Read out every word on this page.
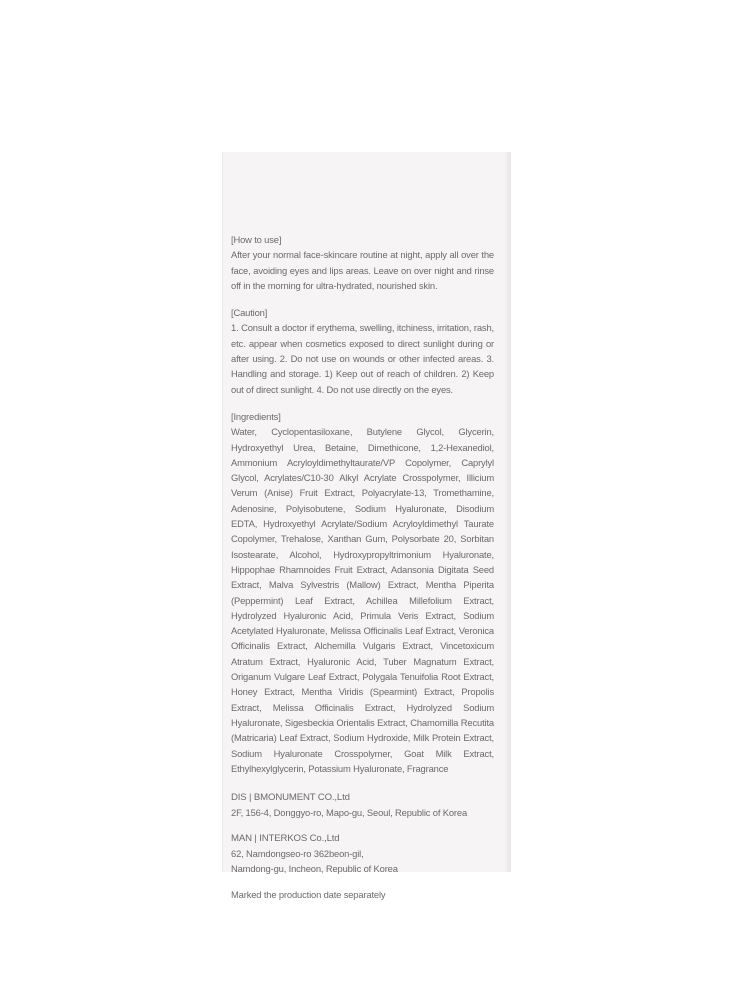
[How to use]

After your normal face-skincare routine at night, apply all over the face, avoiding eyes and lips areas. Leave on over night and rinse off in the morning for ultra-hydrated, nourished skin.

[Caution]

1. Consult a doctor if erythema, swelling, itchiness, irritation, rash, etc. appear when cosmetics exposed to direct sunlight during or after using. 2. Do not use on wounds or other infected areas. 3. Handling and storage. 1) Keep out of reach of children. 2) Keep out of direct sunlight. 4. Do not use directly on the eyes.

[Ingredients]

Water, Cyclopentasiloxane, Butylene Glycol, Glycerin, Hydroxyethyl Urea, Betaine, Dimethicone, 1,2-Hexanediol, Ammonium Acryloyldimethyltaurate/VP Copolymer, Caprylyl Glycol, Acrylates/C10-30 Alkyl Acrylate Crosspolymer, Illicium Verum (Anise) Fruit Extract, Polyacrylate-13, Tromethamine, Adenosine, Polyisobutene, Sodium Hyaluronate, Disodium EDTA, Hydroxyethyl Acrylate/Sodium Acryloyldimethyl Taurate Copolymer, Trehalose, Xanthan Gum, Polysorbate 20, Sorbitan Isostearate, Alcohol, Hydroxypropyltrimonium Hyaluronate, Hippophae Rhamnoides Fruit Extract, Adansonia Digitata Seed Extract, Malva Sylvestris (Mallow) Extract, Mentha Piperita (Peppermint) Leaf Extract, Achillea Millefolium Extract, Hydrolyzed Hyaluronic Acid, Primula Veris Extract, Sodium Acetylated Hyaluronate, Melissa Officinalis Leaf Extract, Veronica Officinalis Extract, Alchemilla Vulgaris Extract, Vincetoxicum Atratum Extract, Hyaluronic Acid, Tuber Magnatum Extract, Origanum Vulgare Leaf Extract, Polygala Tenuifolia Root Extract, Honey Extract, Mentha Viridis (Spearmint) Extract, Propolis Extract, Melissa Officinalis Extract, Hydrolyzed Sodium Hyaluronate, Sigesbeckia Orientalis Extract, Chamomilla Recutita (Matricaria) Leaf Extract, Sodium Hydroxide, Milk Protein Extract, Sodium Hyaluronate Crosspolymer, Goat Milk Extract, Ethylhexylglycerin, Potassium Hyaluronate, Fragrance

DIS | BMONUMENT CO.,Ltd

2F, 156-4, Donggyo-ro, Mapo-gu, Seoul, Republic of Korea

MAN | INTERKOS Co.,Ltd

62, Namdongseo-ro 362beon-gil,

Namdong-gu, Incheon, Republic of Korea

Marked the production date separately
